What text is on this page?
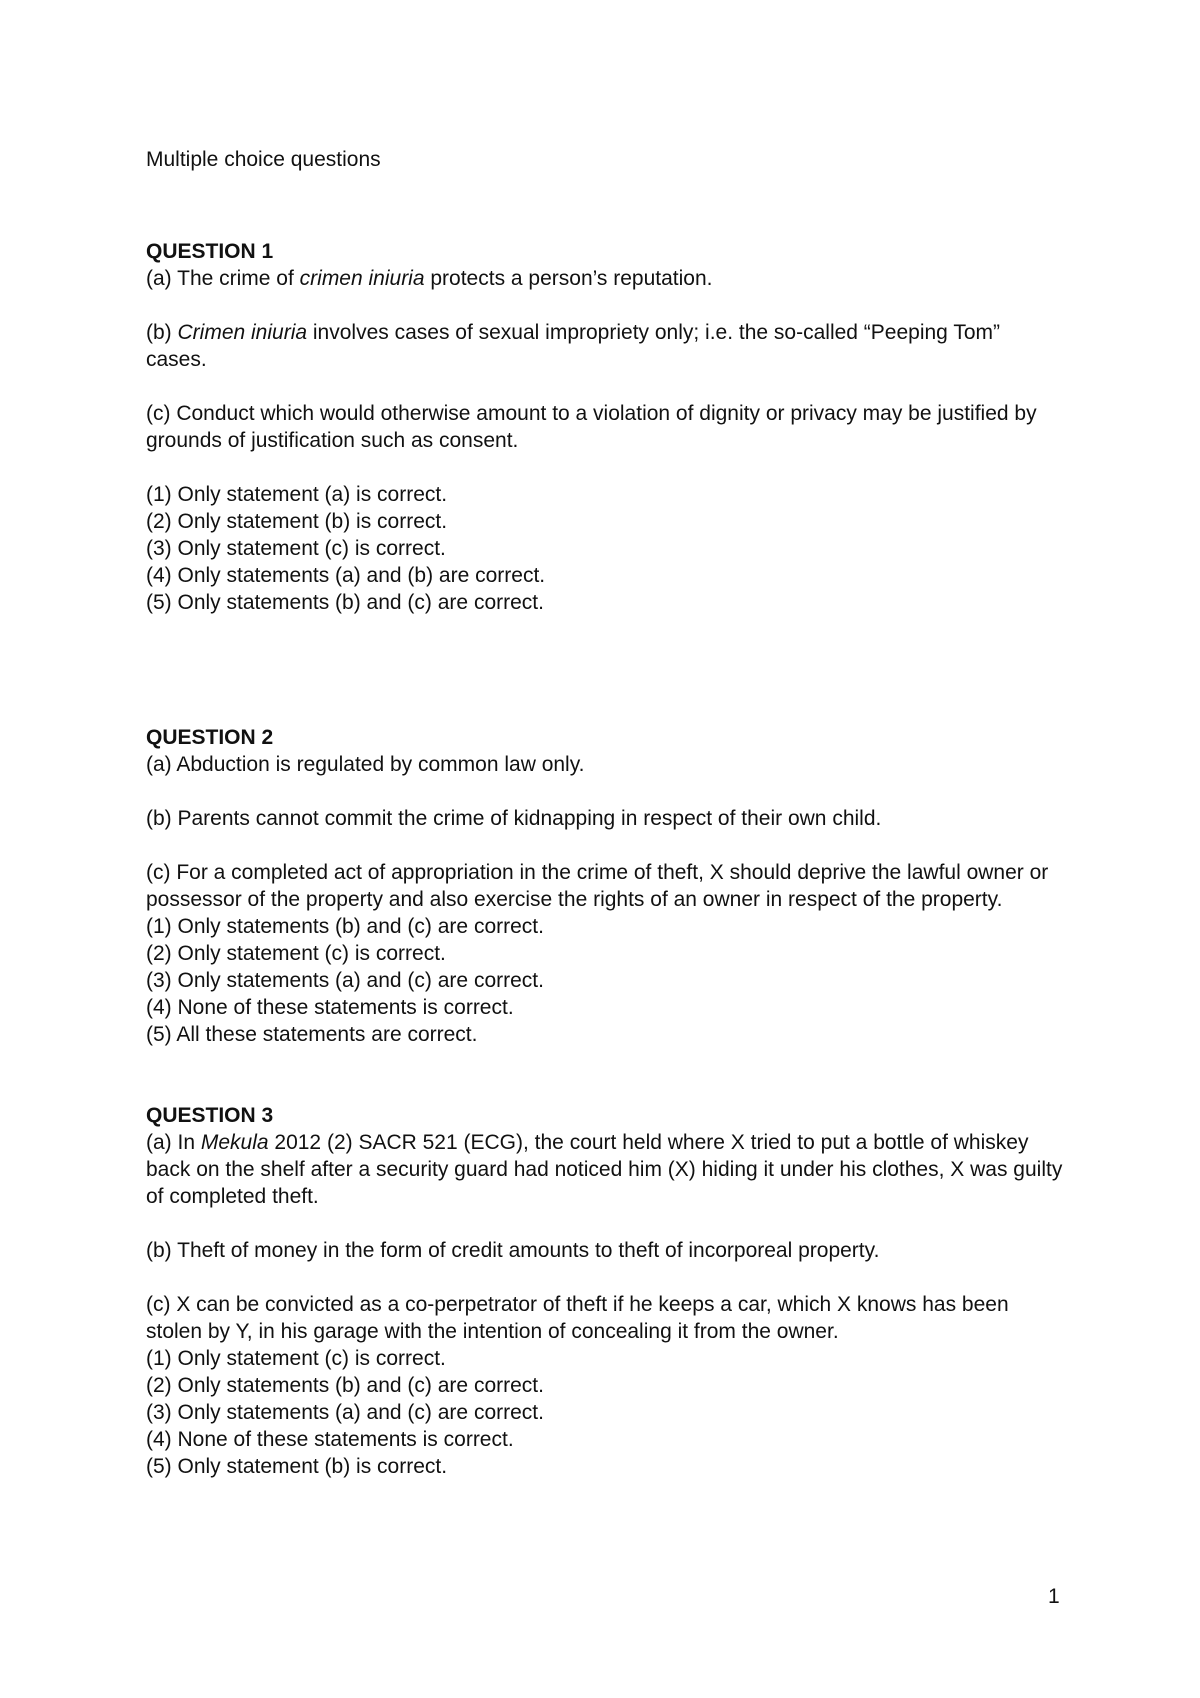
Multiple choice questions

QUESTION 1

(a) The crime of crimen iniuria protects a person’s reputation.

(b) Crimen iniuria involves cases of sexual impropriety only; i.e. the so-called “Peeping Tom” cases.

(c) Conduct which would otherwise amount to a violation of dignity or privacy may be justified by grounds of justification such as consent.

(1) Only statement (a) is correct.
(2) Only statement (b) is correct.
(3) Only statement (c) is correct.
(4) Only statements (a) and (b) are correct.
(5) Only statements (b) and (c) are correct.

QUESTION 2

(a) Abduction is regulated by common law only.

(b) Parents cannot commit the crime of kidnapping in respect of their own child.

(c) For a completed act of appropriation in the crime of theft, X should deprive the lawful owner or possessor of the property and also exercise the rights of an owner in respect of the property.

(1) Only statements (b) and (c) are correct.
(2) Only statement (c) is correct.
(3) Only statements (a) and (c) are correct.
(4) None of these statements is correct.
(5) All these statements are correct.

QUESTION 3

(a) In Mekula 2012 (2) SACR 521 (ECG), the court held where X tried to put a bottle of whiskey back on the shelf after a security guard had noticed him (X) hiding it under his clothes, X was guilty of completed theft.

(b) Theft of money in the form of credit amounts to theft of incorporeal property.

(c) X can be convicted as a co-perpetrator of theft if he keeps a car, which X knows has been stolen by Y, in his garage with the intention of concealing it from the owner.

(1) Only statement (c) is correct.
(2) Only statements (b) and (c) are correct.
(3) Only statements (a) and (c) are correct.
(4) None of these statements is correct.
(5) Only statement (b) is correct.
1
